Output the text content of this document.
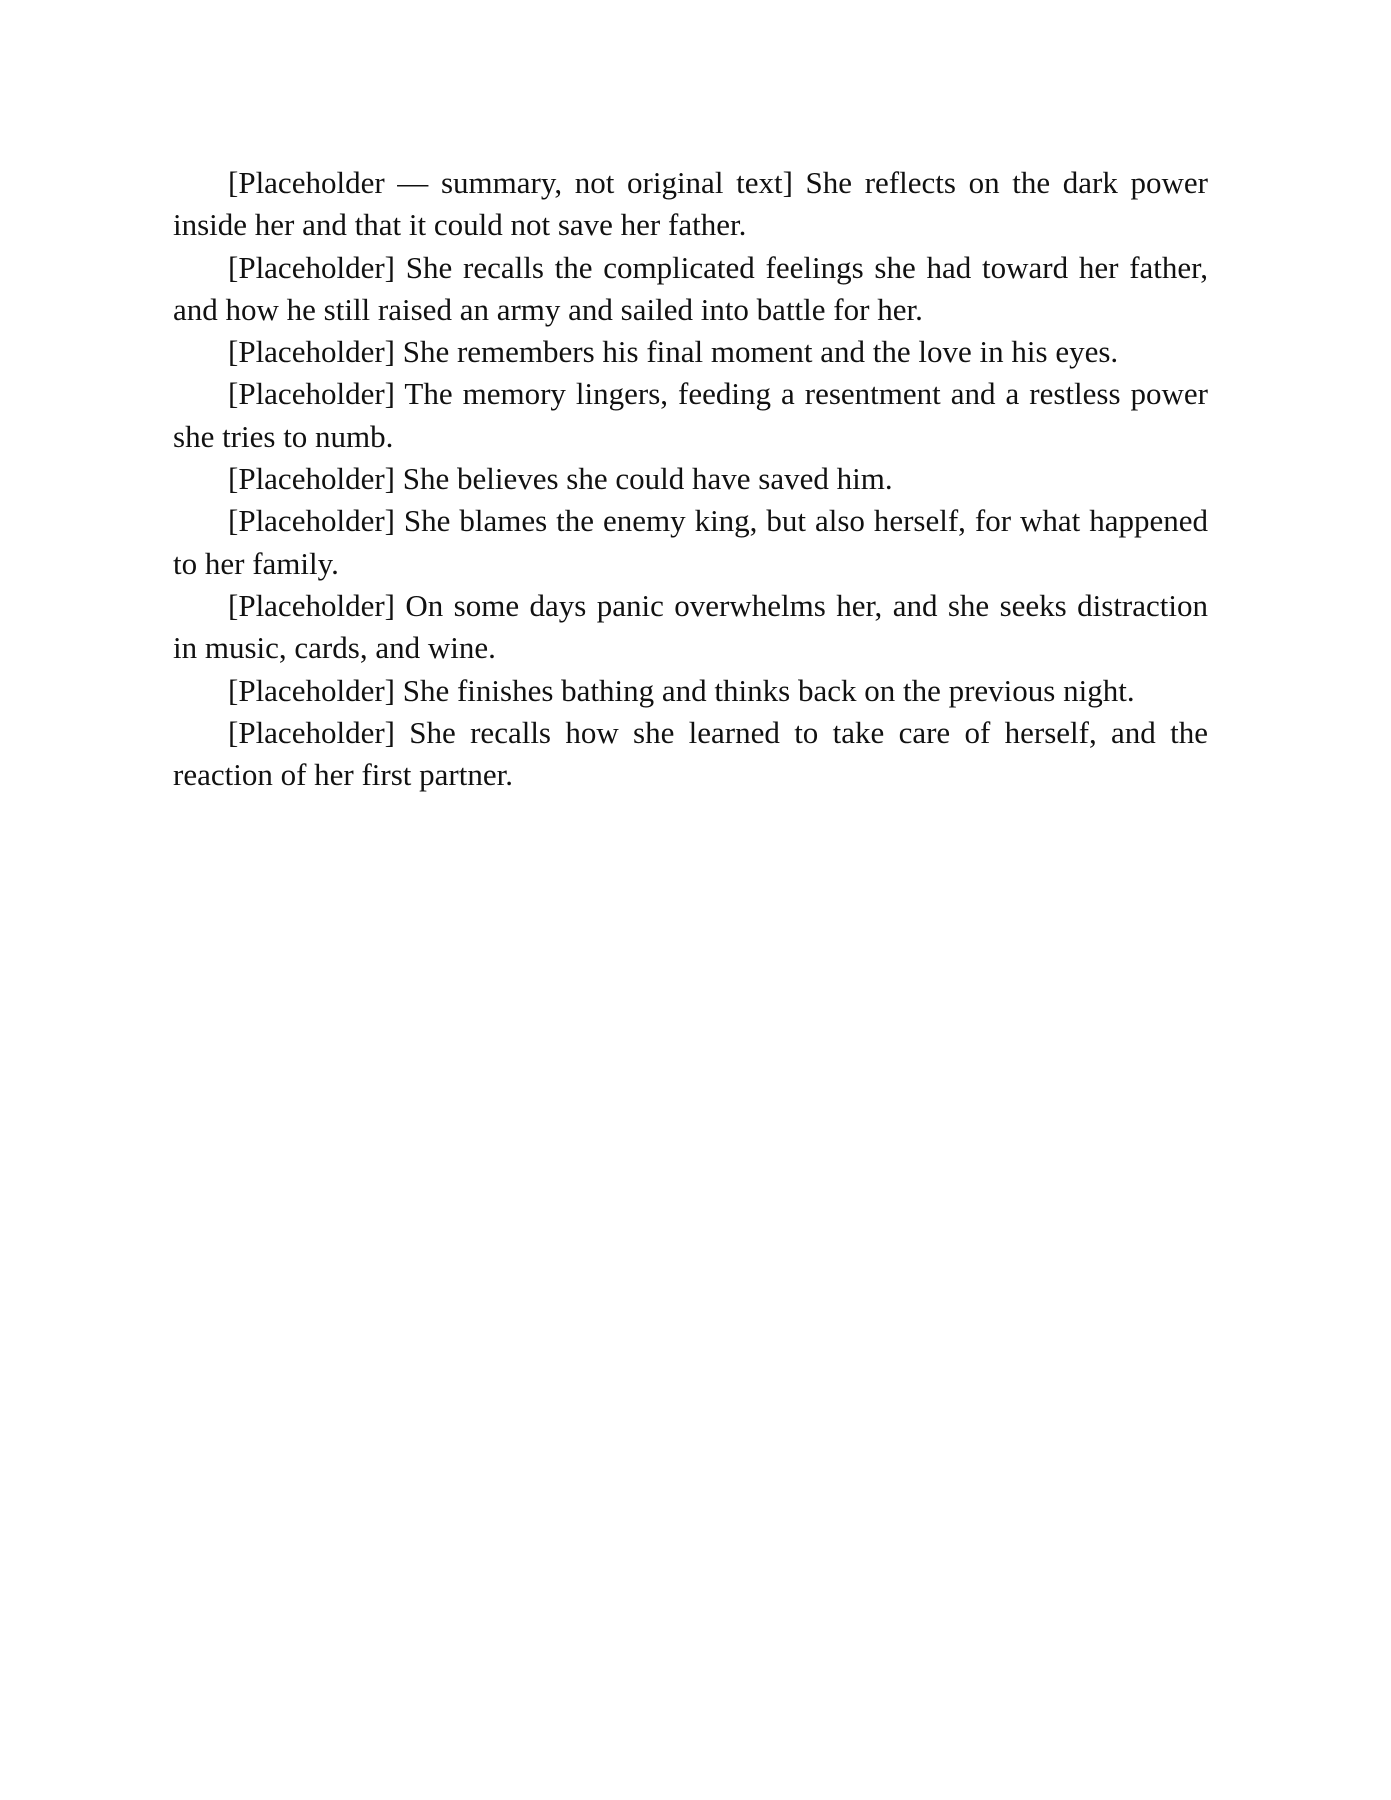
[Placeholder — summary, not original text] She reflects on the dark power inside her and that it could not save her father.

[Placeholder] She recalls the complicated feelings she had toward her father, and how he still raised an army and sailed into battle for her.

[Placeholder] She remembers his final moment and the love in his eyes.

[Placeholder] The memory lingers, feeding a resentment and a restless power she tries to numb.

[Placeholder] She believes she could have saved him.

[Placeholder] She blames the enemy king, but also herself, for what happened to her family.

[Placeholder] On some days panic overwhelms her, and she seeks distraction in music, cards, and wine.

[Placeholder] She finishes bathing and thinks back on the previous night.

[Placeholder] She recalls how she learned to take care of herself, and the reaction of her first partner.
